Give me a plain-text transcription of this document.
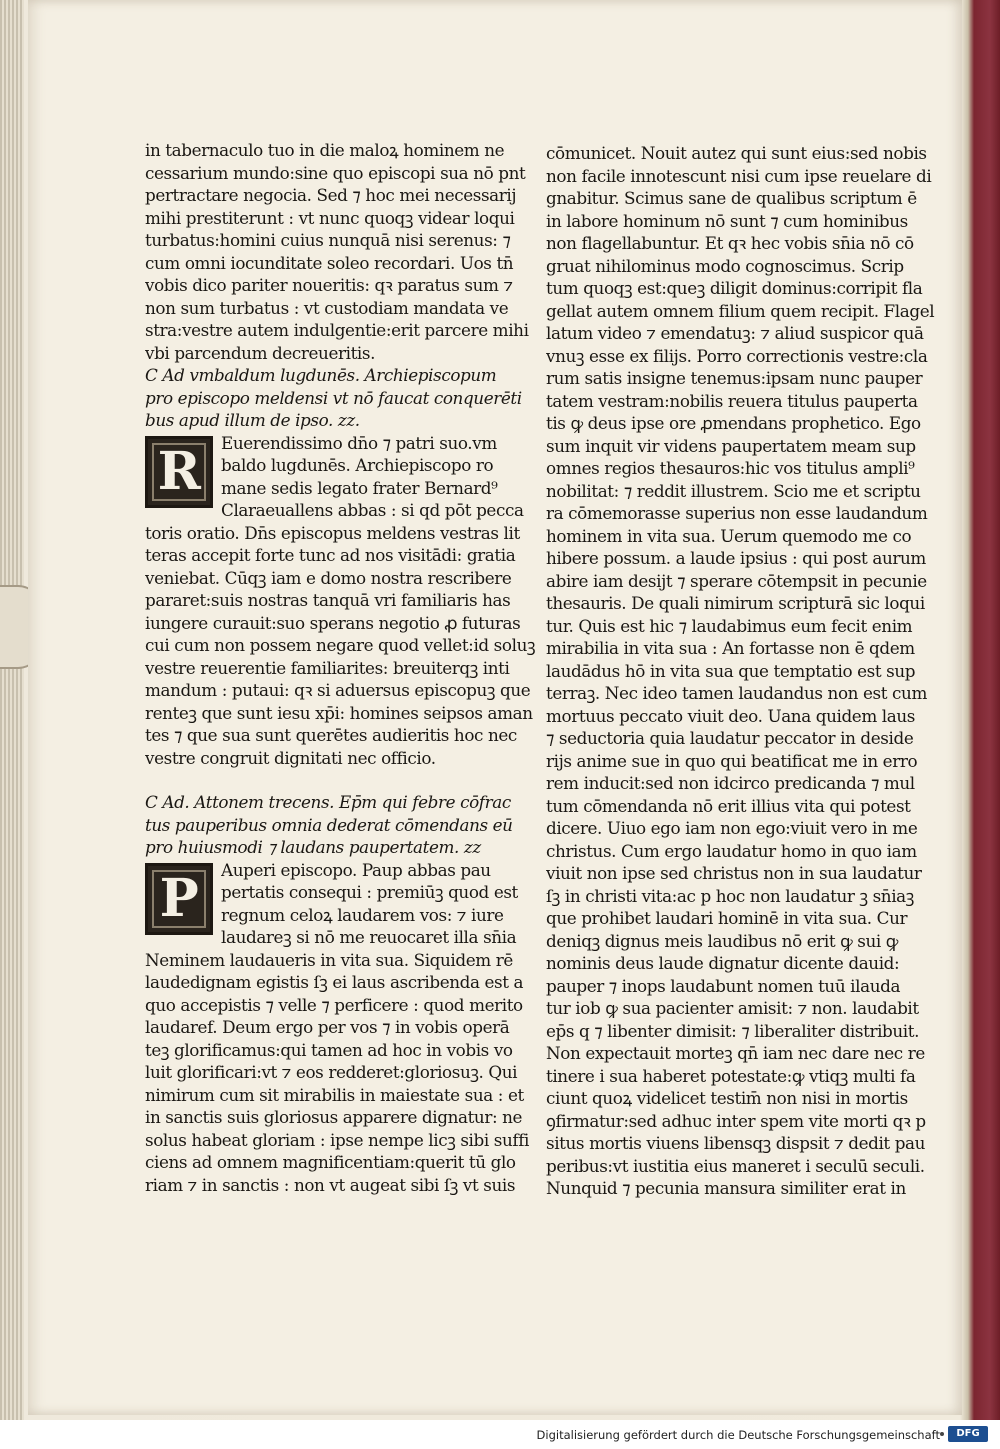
in tabernaculo tuo in die maloꝝ hominem ne
cessarium mundo:sine quo episcopi sua nō pnt
pertractare negocia. Sed ⁊ hoc mei necessarij
mihi prestiterunt : vt nunc quoqꝫ videar loqui
turbatus:homini cuius nunquā nisi serenus: ⁊
cum omni iocunditate soleo recordari. Uos tn̄
vobis dico pariter noueritis: qꝛ paratus sum ⁊
non sum turbatus : vt custodiam mandata ve
stra:vestre autem indulgentie:erit parcere mihi
vbi parcendum decreueritis.
C Ad vmbaldum lugdunēs. Archiepiscopum
pro episcopo meldensi vt nō faucat conquerēti
bus apud illum de ipso. zz.
R	Euerendissimo dn̄o ⁊ patri suo.vm
baldo lugdunēs. Archiepiscopo ro
mane sedis legato frater Bernard⁹
Claraeuallens abbas : si qd pōt pecca
toris oratio. Dn̄s episcopus meldens vestras lit
teras accepit forte tunc ad nos visitādi: gratia
veniebat. Cūqꝫ iam e domo nostra rescribere
pararet:suis nostras tanquā vri familiaris has
iungere curauit:suo sperans negotio ꝓ futuras
cui cum non possem negare quod vellet:id soluꝫ
vestre reuerentie familiarites: breuiterqꝫ inti
mandum : putaui: qꝛ si aduersus episcopuꝫ que
renteꝫ que sunt iesu xp̄i: homines seipsos aman
tes ⁊ que sua sunt querētes audieritis hoc nec
vestre congruit dignitati nec officio.
C Ad. Attonem trecens. Ep̄m qui febre cōfrac
tus pauperibus omnia dederat cōmendans eū
pro huiusmodi ⁊ laudans paupertatem. zz
P	Auperi episcopo. Paup abbas pau
pertatis consequi : premiūꝫ quod est
regnum celoꝝ laudarem vos: ⁊ iure
laudareꝫ si nō me reuocaret illa sn̄ia
Neminem laudaueris in vita sua. Siquidem rē
laudedignam egistis ſꝫ ei laus ascribenda est a
quo accepistis ⁊ velle ⁊ perficere : quod merito
laudaref. Deum ergo per vos ⁊ in vobis operā
teꝫ glorificamus:qui tamen ad hoc in vobis vo
luit glorificari:vt ⁊ eos redderet:gloriosuꝫ. Qui
nimirum cum sit mirabilis in maiestate sua : et
in sanctis suis gloriosus apparere dignatur: ne
solus habeat gloriam : ipse nempe licꝫ sibi suffi
ciens ad omnem magnificentiam:querit tū glo
riam ⁊ in sanctis : non vt augeat sibi ſꝫ vt suis
cōmunicet. Nouit autez qui sunt eius:sed nobis
non facile innotescunt nisi cum ipse reuelare di
gnabitur. Scimus sane de qualibus scriptum ē
in labore hominum nō sunt ⁊ cum hominibus
non flagellabuntur. Et qꝛ hec vobis sn̄ia nō cō
gruat nihilominus modo cognoscimus. Scrip
tum quoqꝫ est:queꝫ diligit dominus:corripit fla
gellat autem omnem filium quem recipit. Flagel
latum video ⁊ emendatuꝫ: ⁊ aliud suspicor quā
vnuꝫ esse ex filijs. Porro correctionis vestre:cla
rum satis insigne tenemus:ipsam nunc pauper
tatem vestram:nobilis reuera titulus pauperta
tis ꝙ deus ipse ore ꝓmendans prophetico. Ego
sum inquit vir videns paupertatem meam sup
omnes regios thesauros:hic vos titulus ampli⁹
nobilitat: ⁊ reddit illustrem. Scio me et scriptu
ra cōmemorasse superius non esse laudandum
hominem in vita sua. Uerum quemodo me co
hibere possum. a laude ipsius : qui post aurum
abire iam desijt ⁊ sperare cōtempsit in pecunie
thesauris. De quali nimirum scripturā sic loqui
tur. Quis est hic ⁊ laudabimus eum fecit enim
mirabilia in vita sua : An fortasse non ē qdem
laudādus hō in vita sua que temptatio est sup
terraꝫ. Nec ideo tamen laudandus non est cum
mortuus peccato viuit deo. Uana quidem laus
⁊ seductoria quia laudatur peccator in deside
rijs anime sue in quo qui beatificat me in erro
rem inducit:sed non idcirco predicanda ⁊ mul
tum cōmendanda nō erit illius vita qui potest
dicere. Uiuo ego iam non ego:viuit vero in me
christus. Cum ergo laudatur homo in quo iam
viuit non ipse sed christus non in sua laudatur
ſꝫ in christi vita:ac p hoc non laudatur ꝫ sn̄iaꝫ
que prohibet laudari hominē in vita sua. Cur
deniqꝫ dignus meis laudibus nō erit ꝙ sui ꝙ
nominis deus laude dignatur dicente dauid:
pauper ⁊ inops laudabunt nomen tuū ilauda
tur iob ꝙ sua pacienter amisit: ⁊ non. laudabit
ep̄s q ⁊ libenter dimisit: ⁊ liberaliter distribuit.
Non expectauit morteꝫ qn̄ iam nec dare nec re
tinere i sua haberet potestate:ꝙ vtiqꝫ multi fa
ciunt quoꝝ videlicet testim̄ non nisi in mortis
ꝯfirmatur:sed adhuc inter spem vite morti qꝛ p
situs mortis viuens libensqꝫ dispsit ⁊ dedit pau
peribus:vt iustitia eius maneret i seculū seculi.
Nunquid ⁊ pecunia mansura similiter erat in
Digitalisierung gefördert durch die Deutsche Forschungsgemeinschaft	DFG
